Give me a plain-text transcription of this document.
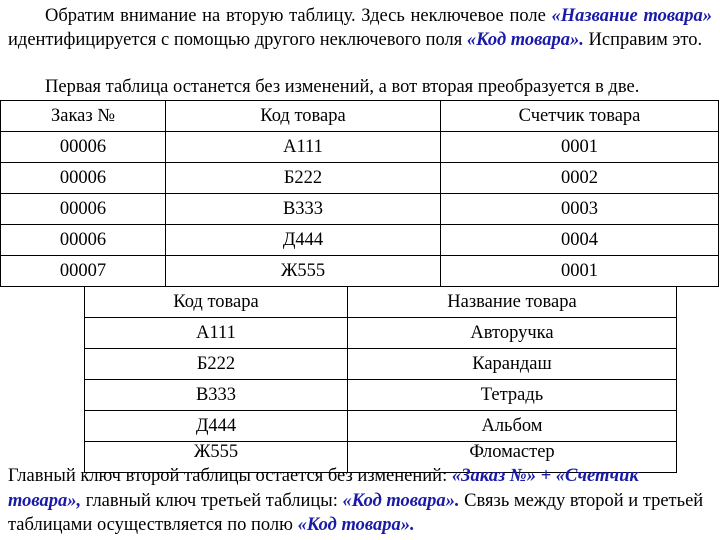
Обратим внимание на вторую таблицу. Здесь неключевое поле «Название товара» идентифицируется с помощью другого неключевого поля «Код товара». Исправим это.
Первая таблица останется без изменений, а вот вторая преобразуется в две.
Заказ №	Код товара	Счетчик товара
00006	А111	0001
00006	Б222	0002
00006	В333	0003
00006	Д444	0004
00007	Ж555	0001
Код товара	Название товара
А111	Авторучка
Б222	Карандаш
В333	Тетрадь
Д444	Альбом
Ж555	Фломастер
Главный ключ второй таблицы остается без изменений: «Заказ №» + «Счетчик товара», главный ключ третьей таблицы: «Код товара». Связь между второй и третьей таблицами осуществляется по полю «Код товара».
